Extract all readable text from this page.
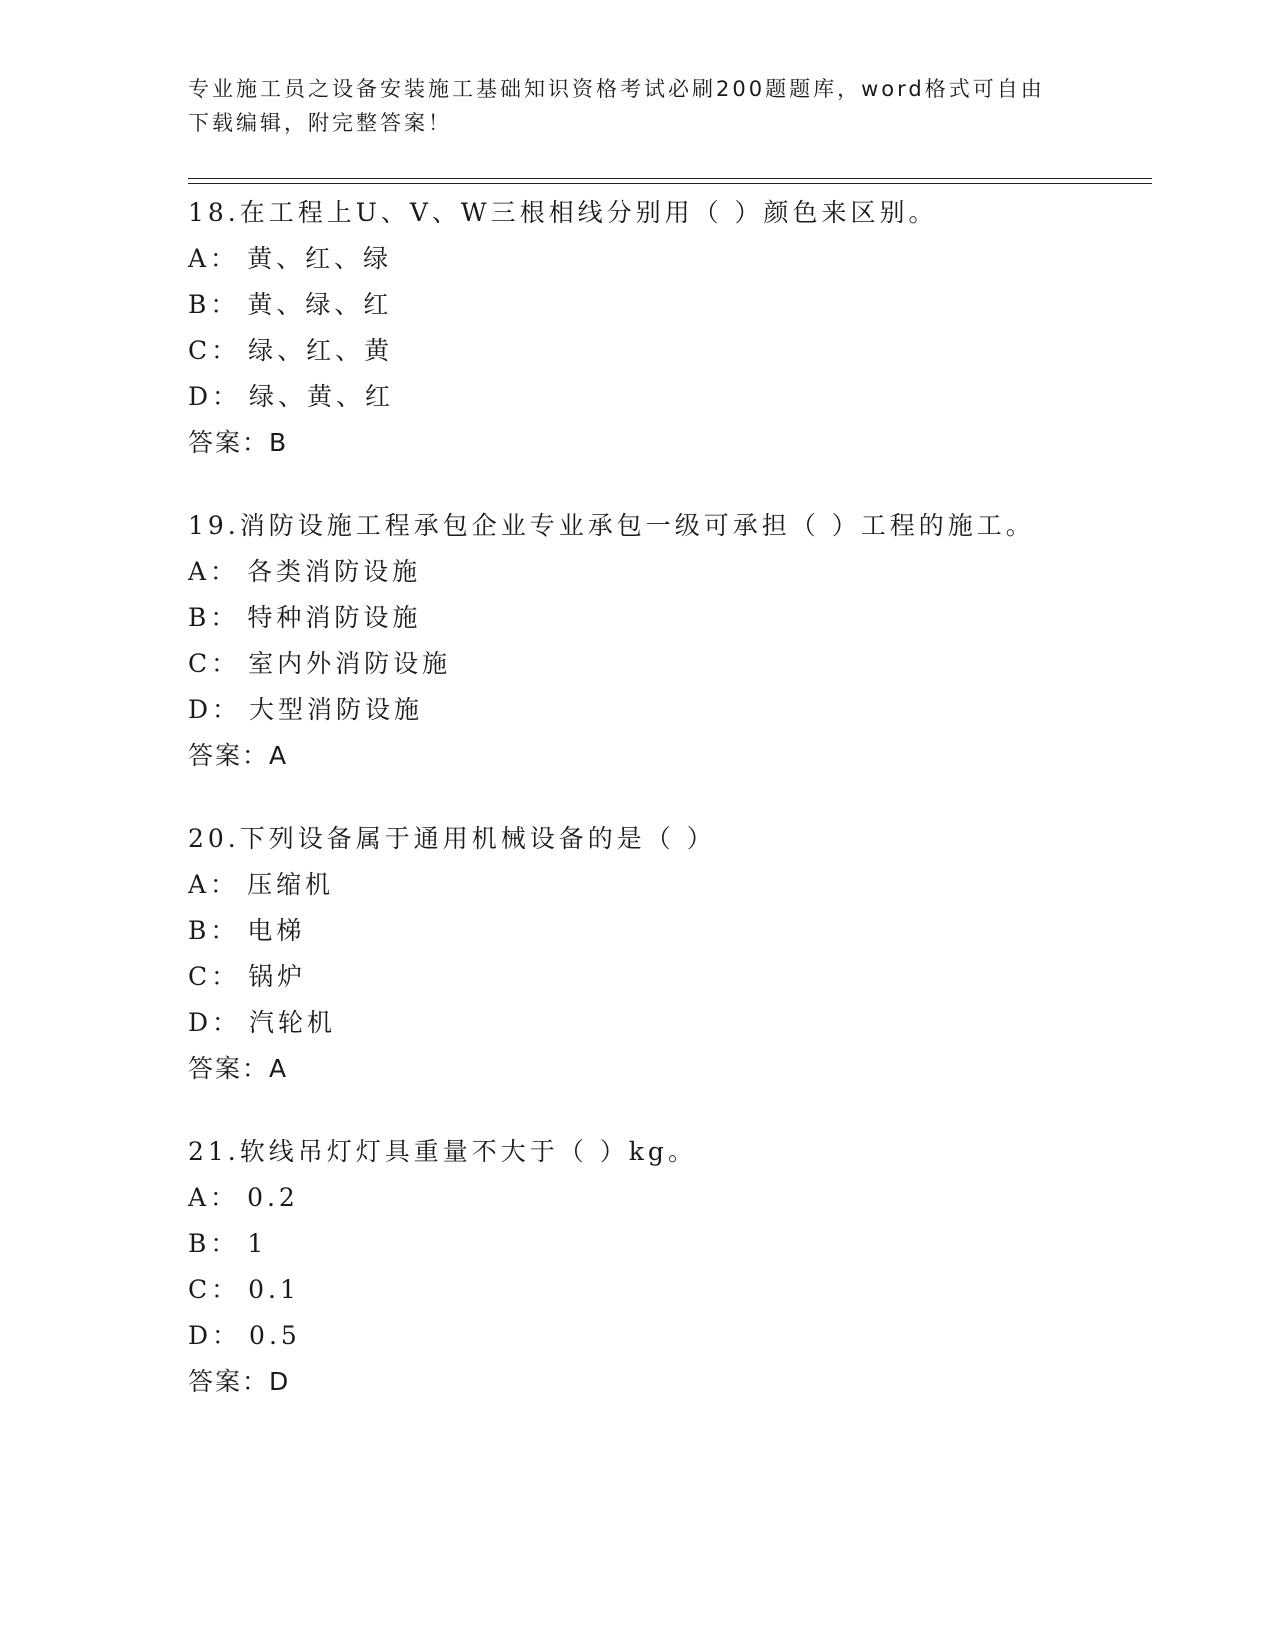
专业施工员之设备安装施工基础知识资格考试必刷200题题库，word格式可自由
下载编辑，附完整答案！
18.在工程上U、V、W三根相线分别用（ ）颜色来区别。
A： 黄、红、绿
B： 黄、绿、红
C： 绿、红、黄
D： 绿、黄、红
答案：B
19.消防设施工程承包企业专业承包一级可承担（ ）工程的施工。
A： 各类消防设施
B： 特种消防设施
C： 室内外消防设施
D： 大型消防设施
答案：A
20.下列设备属于通用机械设备的是（ ）
A： 压缩机
B： 电梯
C： 锅炉
D： 汽轮机
答案：A
21.软线吊灯灯具重量不大于（ ）kg。
A： 0.2
B： 1
C： 0.1
D： 0.5
答案：D
